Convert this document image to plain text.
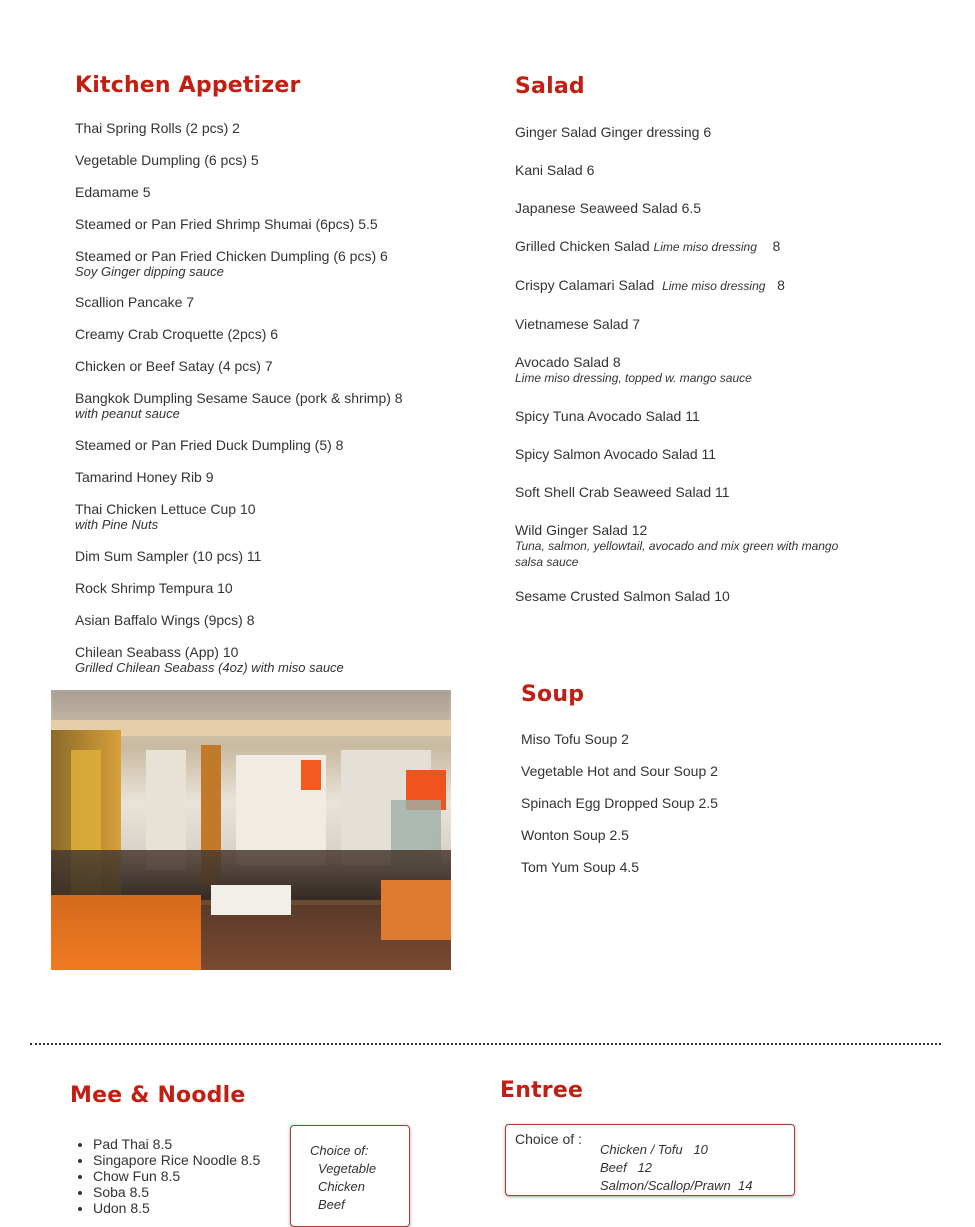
Kitchen Appetizer
Thai Spring Rolls (2 pcs) 2
Vegetable Dumpling (6 pcs) 5
Edamame 5
Steamed or Pan Fried Shrimp Shumai (6pcs) 5.5
Steamed or Pan Fried Chicken Dumpling (6 pcs) 6
Soy Ginger dipping sauce
Scallion Pancake 7
Creamy Crab Croquette (2pcs) 6
Chicken or Beef Satay (4 pcs) 7
Bangkok Dumpling Sesame Sauce (pork & shrimp) 8
with peanut sauce
Steamed or Pan Fried Duck Dumpling (5) 8
Tamarind Honey Rib 9
Thai Chicken Lettuce Cup 10
with Pine Nuts
Dim Sum Sampler (10 pcs) 11
Rock Shrimp Tempura 10
Asian Baffalo Wings (9pcs) 8
Chilean Seabass (App) 10
Grilled Chilean Seabass (4oz) with miso sauce
Salad
Ginger Salad Ginger dressing 6
Kani Salad 6
Japanese Seaweed Salad 6.5
Grilled Chicken Salad Lime miso dressing    8
Crispy Calamari Salad  Lime miso dressing   8
Vietnamese Salad 7
Avocado Salad 8
Lime miso dressing, topped w. mango sauce
Spicy Tuna Avocado Salad 11
Spicy Salmon Avocado Salad 11
Soft Shell Crab Seaweed Salad 11
Wild Ginger Salad 12
Tuna, salmon, yellowtail, avocado and mix green with mango salsa sauce
Sesame Crusted Salmon Salad 10
Soup
Miso Tofu Soup 2
Vegetable Hot and Sour Soup 2
Spinach Egg Dropped Soup 2.5
Wonton Soup 2.5
Tom Yum Soup 4.5
Mee & Noodle
• Pad Thai 8.5
• Singapore Rice Noodle 8.5
• Chow Fun 8.5
• Soba 8.5
• Udon 8.5
Choice of:
Vegetable
Chicken
Beef
Entree
Choice of :
Chicken / Tofu   10
Beef   12
Salmon/Scallop/Prawn  14
